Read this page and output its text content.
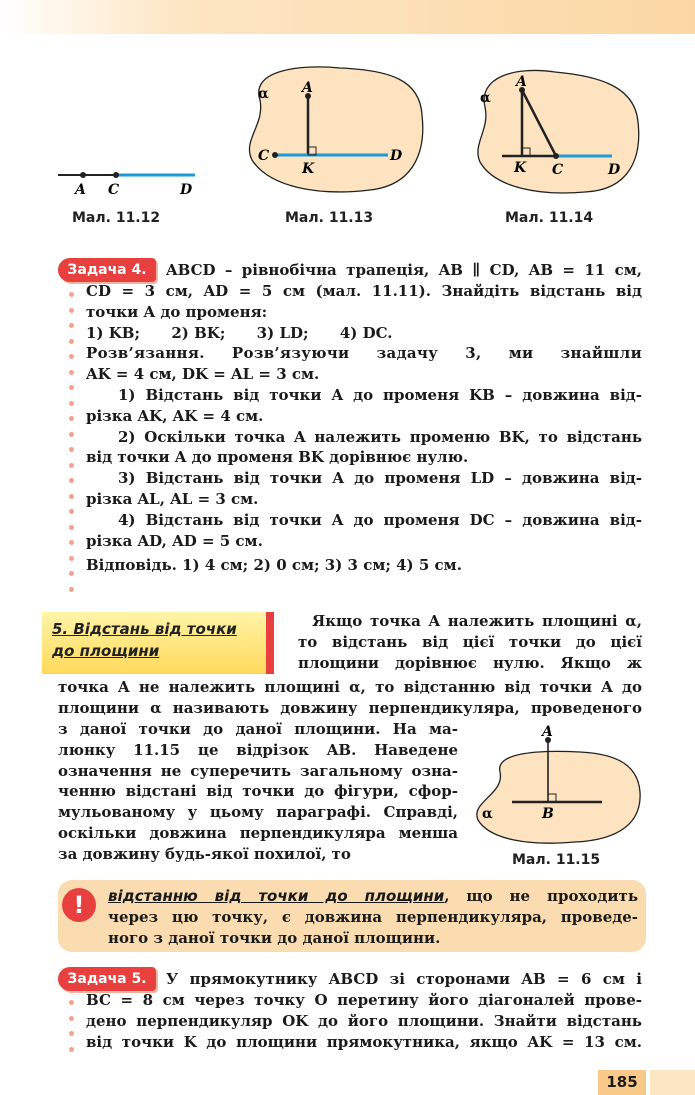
A C	D
Мал. 11.12
α A
C
K
D
Мал. 11.13
α
A
K C	D
Мал. 11.14
Задача 4.	ABCD – рівнобічна трапеція, AB ∥ CD, AB = 11 см,
CD = 3 см, AD = 5 см (мал. 11.11). Знайдіть відстань від
точки A до променя:
1) KB;      2) BK;      3) LD;      4) DC.
Розв’язання. Розв’язуючи задачу 3, ми знайшли
AK = 4 см, DK = AL = 3 см.
1) Відстань від точки A до променя KB – довжина від-
різка AK, AK = 4 см.
2) Оскільки точка A належить променю BK, то відстань
від точки A до променя BK дорівнює нулю.
3) Відстань від точки A до променя LD – довжина від-
різка AL, AL = 3 см.
4) Відстань від точки A до променя DC – довжина від-
різка AD, AD = 5 см.
Відповідь. 1) 4 см; 2) 0 см; 3) 3 см; 4) 5 см.
5. Відстань від точки
до площини
Якщо точка A належить площині α,
то відстань від цієї точки до цієї
площини дорівнює нулю. Якщо ж
точка A не належить площині α, то відстанню від точки A до
площини α називають довжину перпендикуляра, проведеного
з даної точки до даної площини. На ма-
люнку 11.15 це відрізок AB. Наведене
означення не суперечить загальному озна-
ченню відстані від точки до фігури, сфор-
мульованому у цьому параграфі. Справді,
оскільки довжина перпендикуляра менша
за довжину будь-якої похилої, то
A
α	B
Мал. 11.15
!	відстанню від точки до площини, що не проходить
через цю точку, є довжина перпендикуляра, проведе-
ного з даної точки до даної площини.
Задача 5.	У прямокутнику ABCD зі сторонами AB = 6 см і
BC = 8 см через точку O перетину його діагоналей прове-
дено перпендикуляр OK до його площини. Знайти відстань
від точки K до площини прямокутника, якщо AK = 13 см.
185
